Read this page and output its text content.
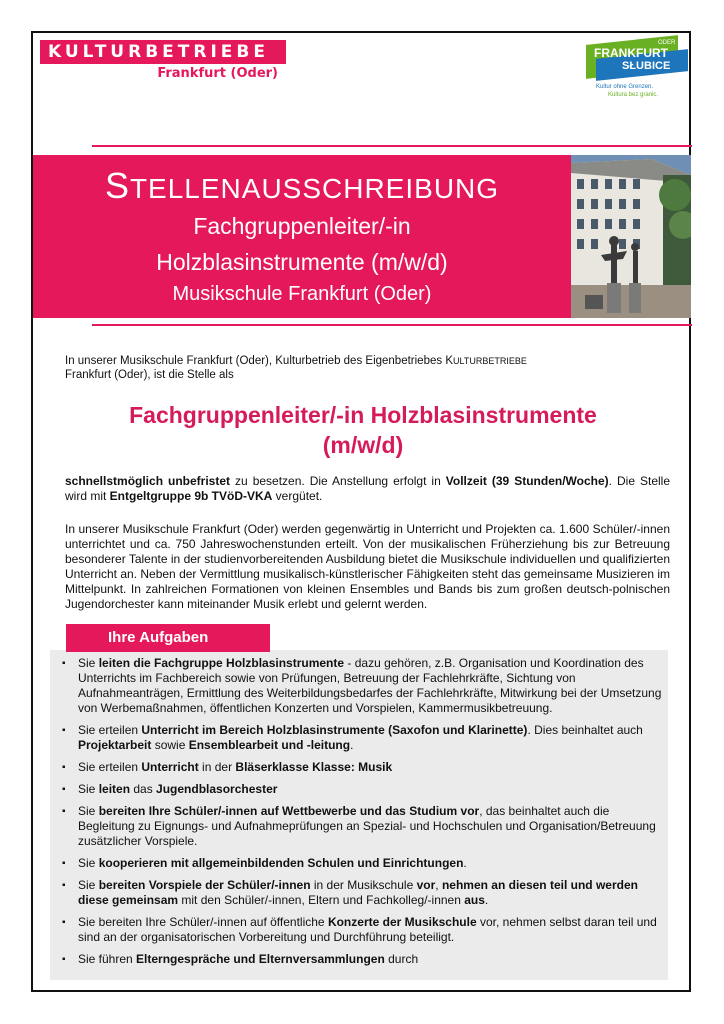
KULTURBETRIEBE
Frankfurt (Oder)
FRANKFURT
ODER
SŁUBICE
Kultur ohne Grenzen.
Kultura bez granic.
STELLENAUSSCHREIBUNG
Fachgruppenleiter/-in
Holzblasinstrumente (m/w/d)
Musikschule Frankfurt (Oder)
In unserer Musikschule Frankfurt (Oder), Kulturbetrieb des Eigenbetriebes KULTURBETRIEBE
Frankfurt (Oder), ist die Stelle als
Fachgruppenleiter/-in Holzblasinstrumente
(m/w/d)
schnellstmöglich unbefristet zu besetzen. Die Anstellung erfolgt in Vollzeit (39 Stunden/Woche). Die Stelle wird mit Entgeltgruppe 9b TVöD-VKA vergütet.
In unserer Musikschule Frankfurt (Oder) werden gegenwärtig in Unterricht und Projekten ca. 1.600 Schüler/-innen unterrichtet und ca. 750 Jahreswochenstunden erteilt. Von der musikalischen Früherziehung bis zur Betreuung besonderer Talente in der studienvorbereitenden Ausbildung bietet die Musikschule individuellen und qualifizierten Unterricht an. Neben der Vermittlung musikalisch-künstlerischer Fähigkeiten steht das gemeinsame Musizieren im Mittelpunkt. In zahlreichen Formationen von kleinen Ensembles und Bands bis zum großen deutsch-polnischen Jugendorchester kann miteinander Musik erlebt und gelernt werden.
Ihre Aufgaben
▪ Sie leiten die Fachgruppe Holzblasinstrumente - dazu gehören, z.B. Organisation und Koordination des Unterrichts im Fachbereich sowie von Prüfungen, Betreuung der Fachlehrkräfte, Sichtung von Aufnahmeanträgen, Ermittlung des Weiterbildungsbedarfes der Fachlehrkräfte, Mitwirkung bei der Umsetzung von Werbemaßnahmen, öffentlichen Konzerten und Vorspielen, Kammermusikbetreuung.
▪ Sie erteilen Unterricht im Bereich Holzblasinstrumente (Saxofon und Klarinette). Dies beinhaltet auch Projektarbeit sowie Ensemblearbeit und -leitung.
▪ Sie erteilen Unterricht in der Bläserklasse Klasse: Musik
▪ Sie leiten das Jugendblasorchester
▪ Sie bereiten Ihre Schüler/-innen auf Wettbewerbe und das Studium vor, das beinhaltet auch die Begleitung zu Eignungs- und Aufnahmeprüfungen an Spezial- und Hochschulen und Organisation/Betreuung zusätzlicher Vorspiele.
▪ Sie kooperieren mit allgemeinbildenden Schulen und Einrichtungen.
▪ Sie bereiten Vorspiele der Schüler/-innen in der Musikschule vor, nehmen an diesen teil und werden diese gemeinsam mit den Schüler/-innen, Eltern und Fachkolleg/-innen aus.
▪ Sie bereiten Ihre Schüler/-innen auf öffentliche Konzerte der Musikschule vor, nehmen selbst daran teil und sind an der organisatorischen Vorbereitung und Durchführung beteiligt.
▪ Sie führen Elterngespräche und Elternversammlungen durch
